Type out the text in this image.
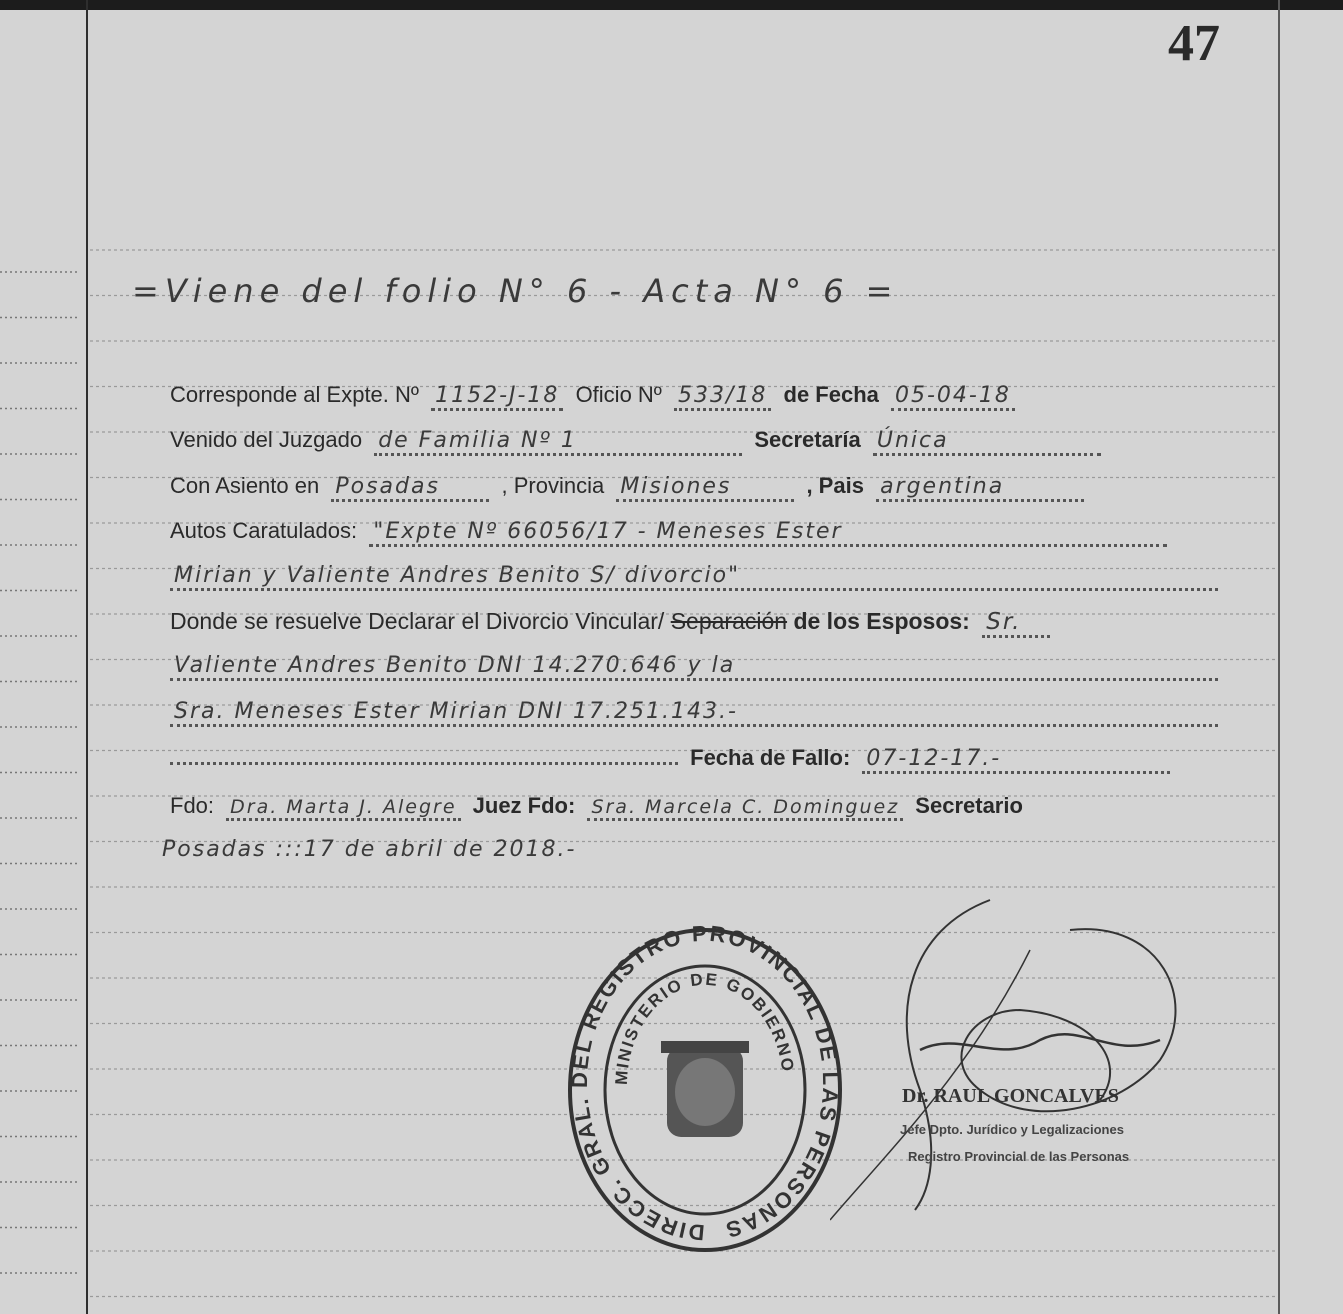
47
=Viene del folio N° 6 - Acta N° 6 =
Corresponde al Expte. Nº 1152-J-18 Oficio Nº 533/18 de Fecha 05-04-18
Venido del Juzgado de Familia Nº 1	Secretaría Única
Con Asiento en Posadas	, Provincia Misiones	, Pais argentina
Autos Caratulados: "Expte Nº 66056/17 - Meneses Ester
Mirian y Valiente Andres Benito S/ divorcio"
Donde se resuelve Declarar el Divorcio Vincular/ Separación de los Esposos: Sr.
Valiente Andres Benito DNI 14.270.646 y la
Sra. Meneses Ester Mirian DNI 17.251.143.-
Fecha de Fallo: 07-12-17.-
Fdo: Dra. Marta J. Alegre Juez Fdo: Sra. Marcela C. Dominguez Secretario
Posadas :::17 de abril de 2018.-
DIRECC. GRAL. DEL REGISTRO PROVINCIAL DE LAS PERSONAS
MINISTERIO DE GOBIERNO
Dr. RAUL GONCALVES
Jefe Dpto. Jurídico y Legalizaciones
Registro Provincial de las Personas
